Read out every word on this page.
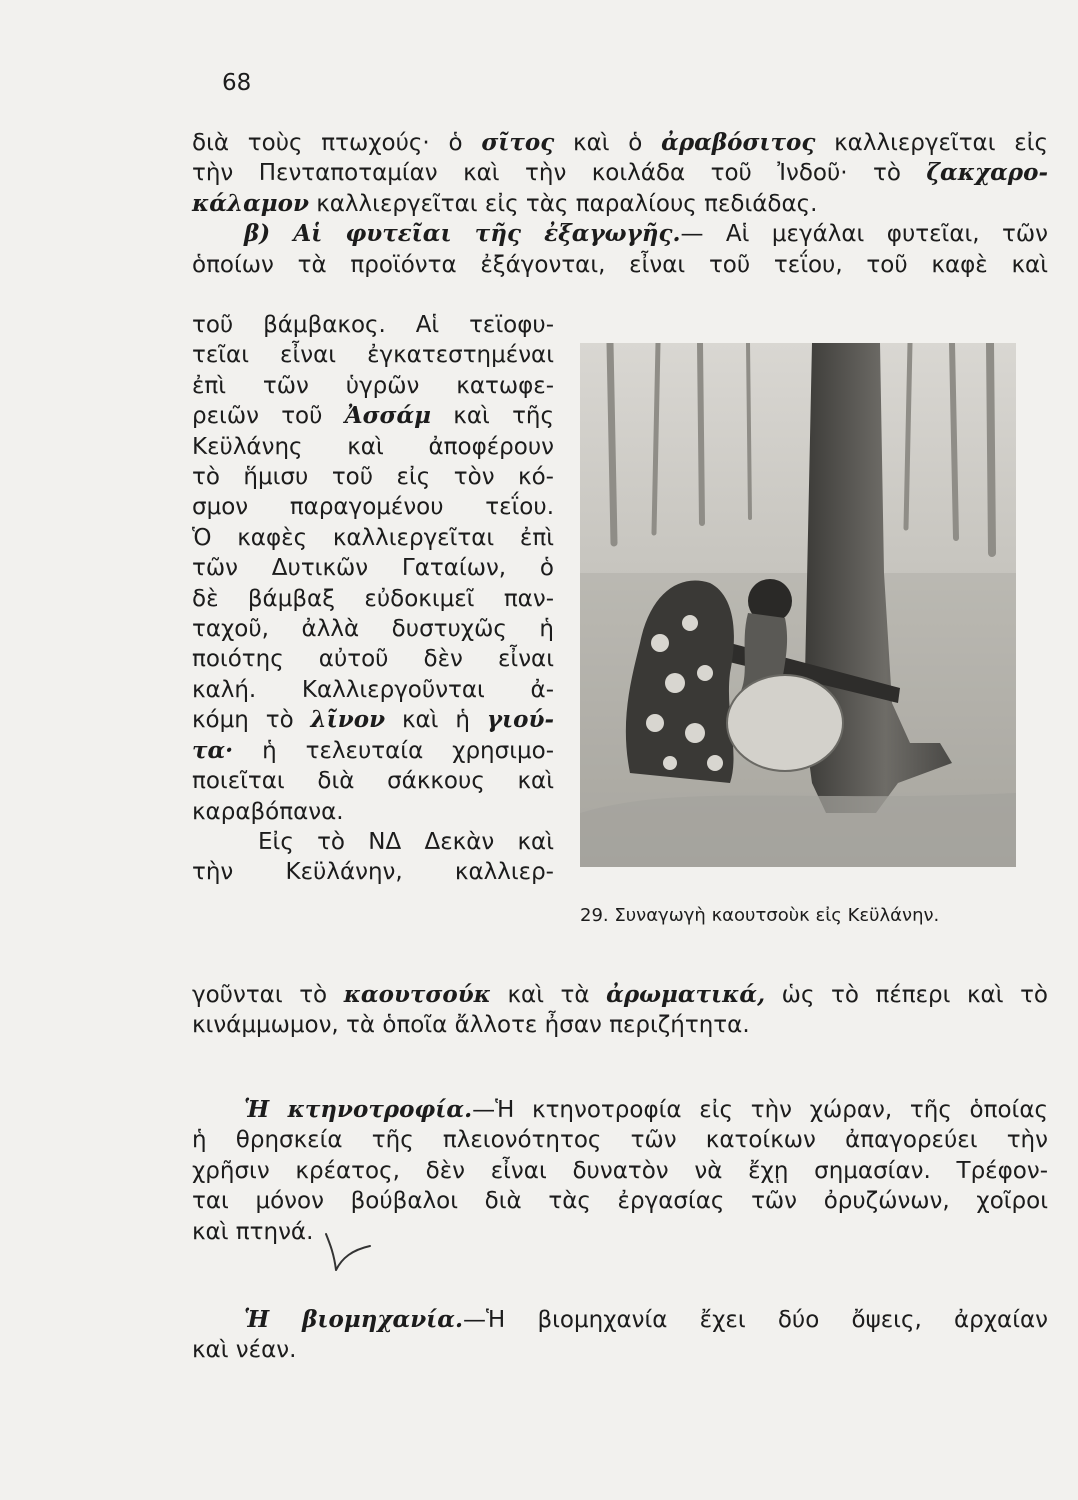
68
διὰ τοὺς πτωχούς· ὁ σῖτος καὶ ὁ ἀραβόσιτος καλλιεργεῖται εἰς
τὴν Πενταποταμίαν καὶ τὴν κοιλάδα τοῦ Ἰνδοῦ· τὸ ζακχαρο-
κάλαμον καλλιεργεῖται εἰς τὰς παραλίους πεδιάδας.
β) Αἱ φυτεῖαι τῆς ἐξαγωγῆς.— Αἱ μεγάλαι φυτεῖαι, τῶν
ὁποίων τὰ προϊόντα ἐξάγονται, εἶναι τοῦ τεΐου, τοῦ καφὲ καὶ
τοῦ βάμβακος. Αἱ τεϊοφυ-
τεῖαι εἶναι ἐγκατεστημέναι
ἐπὶ τῶν ὑγρῶν κατωφε-
ρειῶν τοῦ Ἀσσάμ καὶ τῆς
Κεϋλάνης καὶ ἀποφέρουν
τὸ ἥμισυ τοῦ εἰς τὸν κό-
σμον παραγομένου τεΐου.
Ὁ καφὲς καλλιεργεῖται ἐπὶ
τῶν Δυτικῶν Γαταίων, ὁ
δὲ βάμβαξ εὐδοκιμεῖ παν-
ταχοῦ, ἀλλὰ δυστυχῶς ἡ
ποιότης αὐτοῦ δὲν εἶναι
καλή. Καλλιεργοῦνται ἀ-
κόμη τὸ λῖνον καὶ ἡ γιού-
τα· ἡ τελευταία χρησιμο-
ποιεῖται διὰ σάκκους καὶ
καραβόπανα.
Εἰς τὸ ΝΔ Δεκὰν καὶ
τὴν Κεϋλάνην, καλλιερ-
29. Συναγωγὴ καουτσοὺκ εἰς Κεϋλάνην.
γοῦνται τὸ καουτσούκ καὶ τὰ ἀρωματικά, ὡς τὸ πέπερι καὶ τὸ
κινάμμωμον, τὰ ὁποῖα ἄλλοτε ἦσαν περιζήτητα.
Ἡ κτηνοτροφία.—Ἡ κτηνοτροφία εἰς τὴν χώραν, τῆς ὁποίας
ἡ θρησκεία τῆς πλειονότητος τῶν κατοίκων ἀπαγορεύει τὴν
χρῆσιν κρέατος, δὲν εἶναι δυνατὸν νὰ ἔχῃ σημασίαν. Τρέφον-
ται μόνον βούβαλοι διὰ τὰς ἐργασίας τῶν ὀρυζώνων, χοῖροι
καὶ πτηνά.
Ἡ βιομηχανία.—Ἡ βιομηχανία ἔχει δύο ὄψεις, ἀρχαίαν
καὶ νέαν.
